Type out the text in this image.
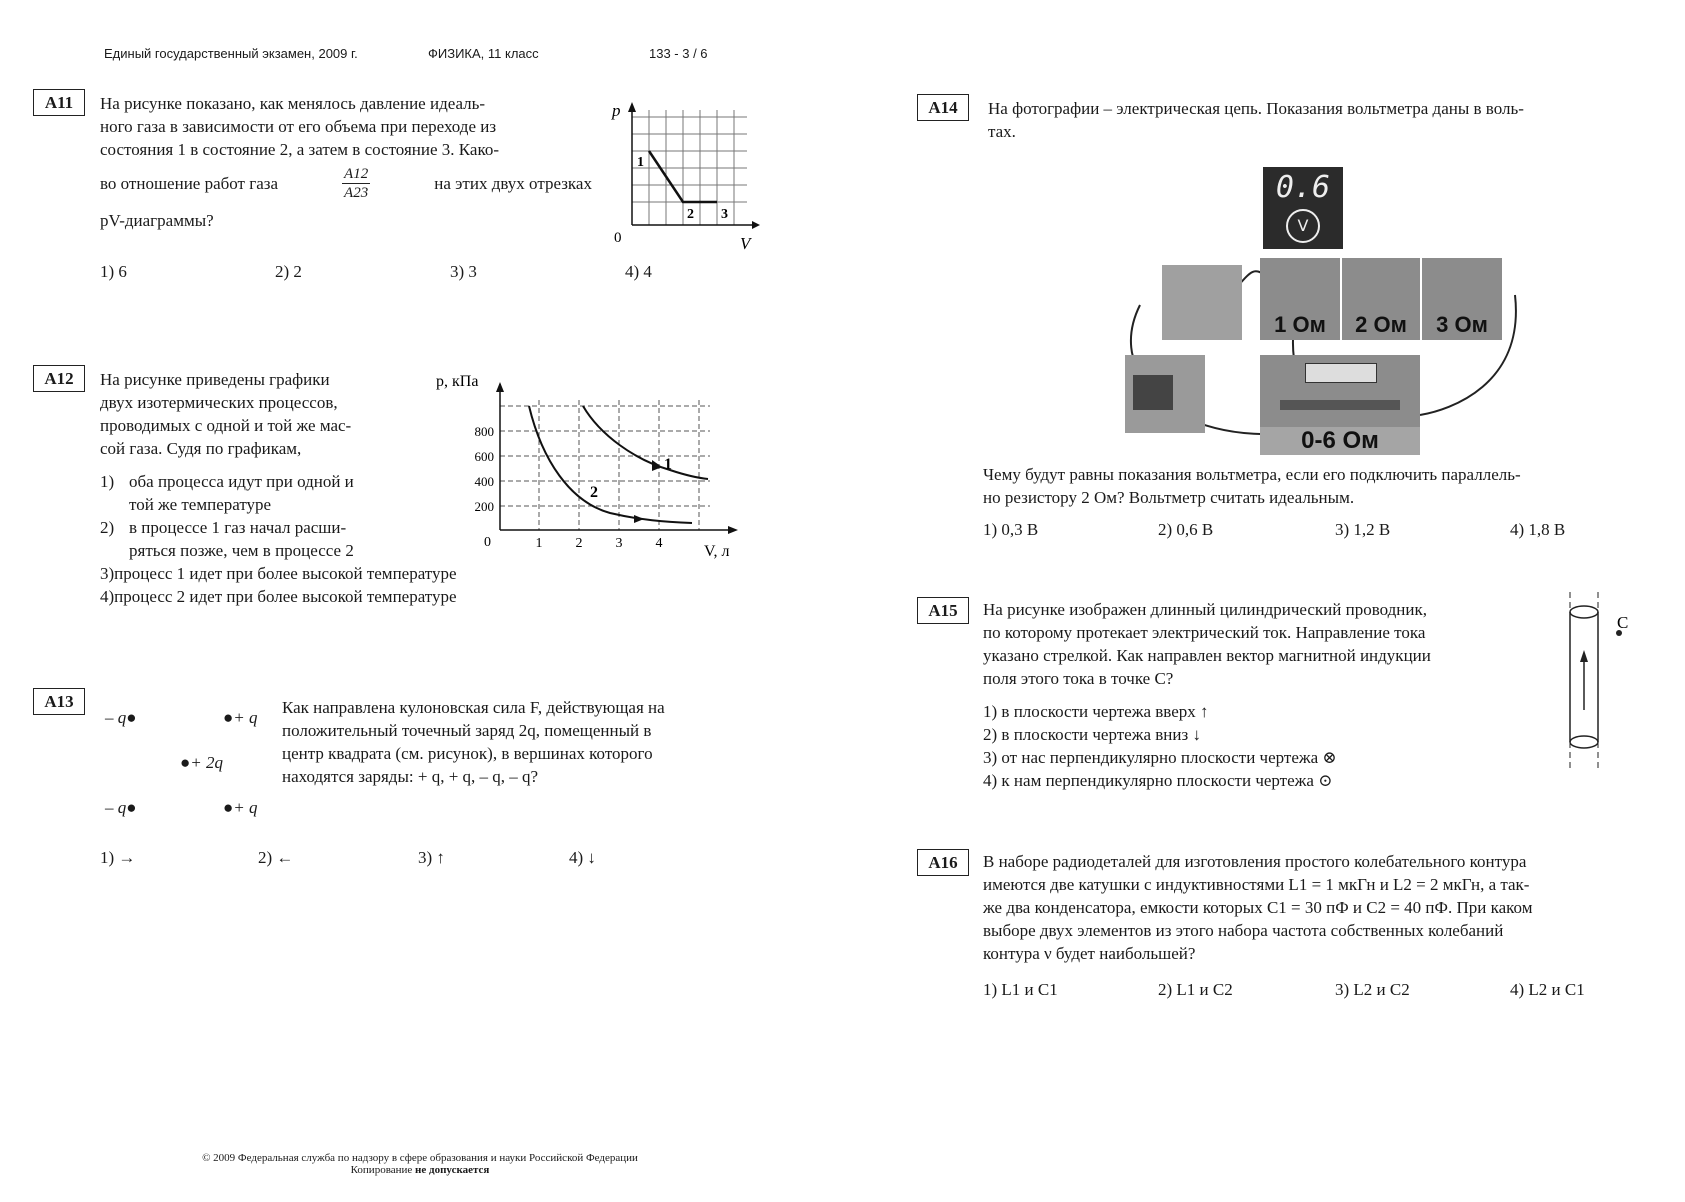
Единый государственный экзамен, 2009 г.	ФИЗИКА, 11 класс	133 - 3 / 6
A11	На рисунке показано, как менялось давление идеаль-
ного газа в зависимости от его объема при переходе из
состояния 1 в состояние 2, а затем в состояние 3. Како-
во отношение работ газа	$\frac{A12}{A23}$	на этих двух отрезках
pV-диаграммы?
1
2 3
p
V
0
1) 6	2) 2	3) 3	4) 4
A12	На рисунке приведены графики
двух изотермических процессов,
проводимых с одной и той же мас-
сой газа. Судя по графикам,
1) оба процесса идут при одной и
той же температуре
2) в процессе 1 газ начал расши-
ряться позже, чем в процессе 2
3) процесс 1 идет при более высокой температуре
4) процесс 2 идет при более высокой температуре
1
2
p, кПа
V, л
0
800
600
400
200
1 2 3 4
A13
– q●	●+ q
●+ 2q
– q●	●+ q
Как направлена кулоновская сила F, действующая на
положительный точечный заряд 2q, помещенный в
центр квадрата (см. рисунок), в вершинах которого
находятся заряды: + q, + q, – q, – q?
1) →	2) ←	3) ↑	4) ↓
A14	На фотографии – электрическая цепь. Показания вольтметра даны в воль-
тах.
0.6
V
1 Ом	2 Ом	3 Ом
0-6 Ом
Чему будут равны показания вольтметра, если его подключить параллель-
но резистору 2 Ом? Вольтметр считать идеальным.
1) 0,3 В	2) 0,6 В	3) 1,2 В	4) 1,8 В
A15	На рисунке изображен длинный цилиндрический проводник,
по которому протекает электрический ток. Направление тока
указано стрелкой. Как направлен вектор магнитной индукции
поля этого тока в точке С?
1) в плоскости чертежа вверх ↑
2) в плоскости чертежа вниз ↓
3) от нас перпендикулярно плоскости чертежа ⊗
4) к нам перпендикулярно плоскости чертежа ⊙
C
A16	В наборе радиодеталей для изготовления простого колебательного контура
имеются две катушки с индуктивностями L1 = 1 мкГн и L2 = 2 мкГн, а так-
же два конденсатора, емкости которых C1 = 30 пФ и C2 = 40 пФ. При каком
выборе двух элементов из этого набора частота собственных колебаний
контура ν будет наибольшей?
1) L1 и C1	2) L1 и C2	3) L2 и C2	4) L2 и C1
© 2009 Федеральная служба по надзору в сфере образования и науки Российской Федерации
Копирование не допускается
